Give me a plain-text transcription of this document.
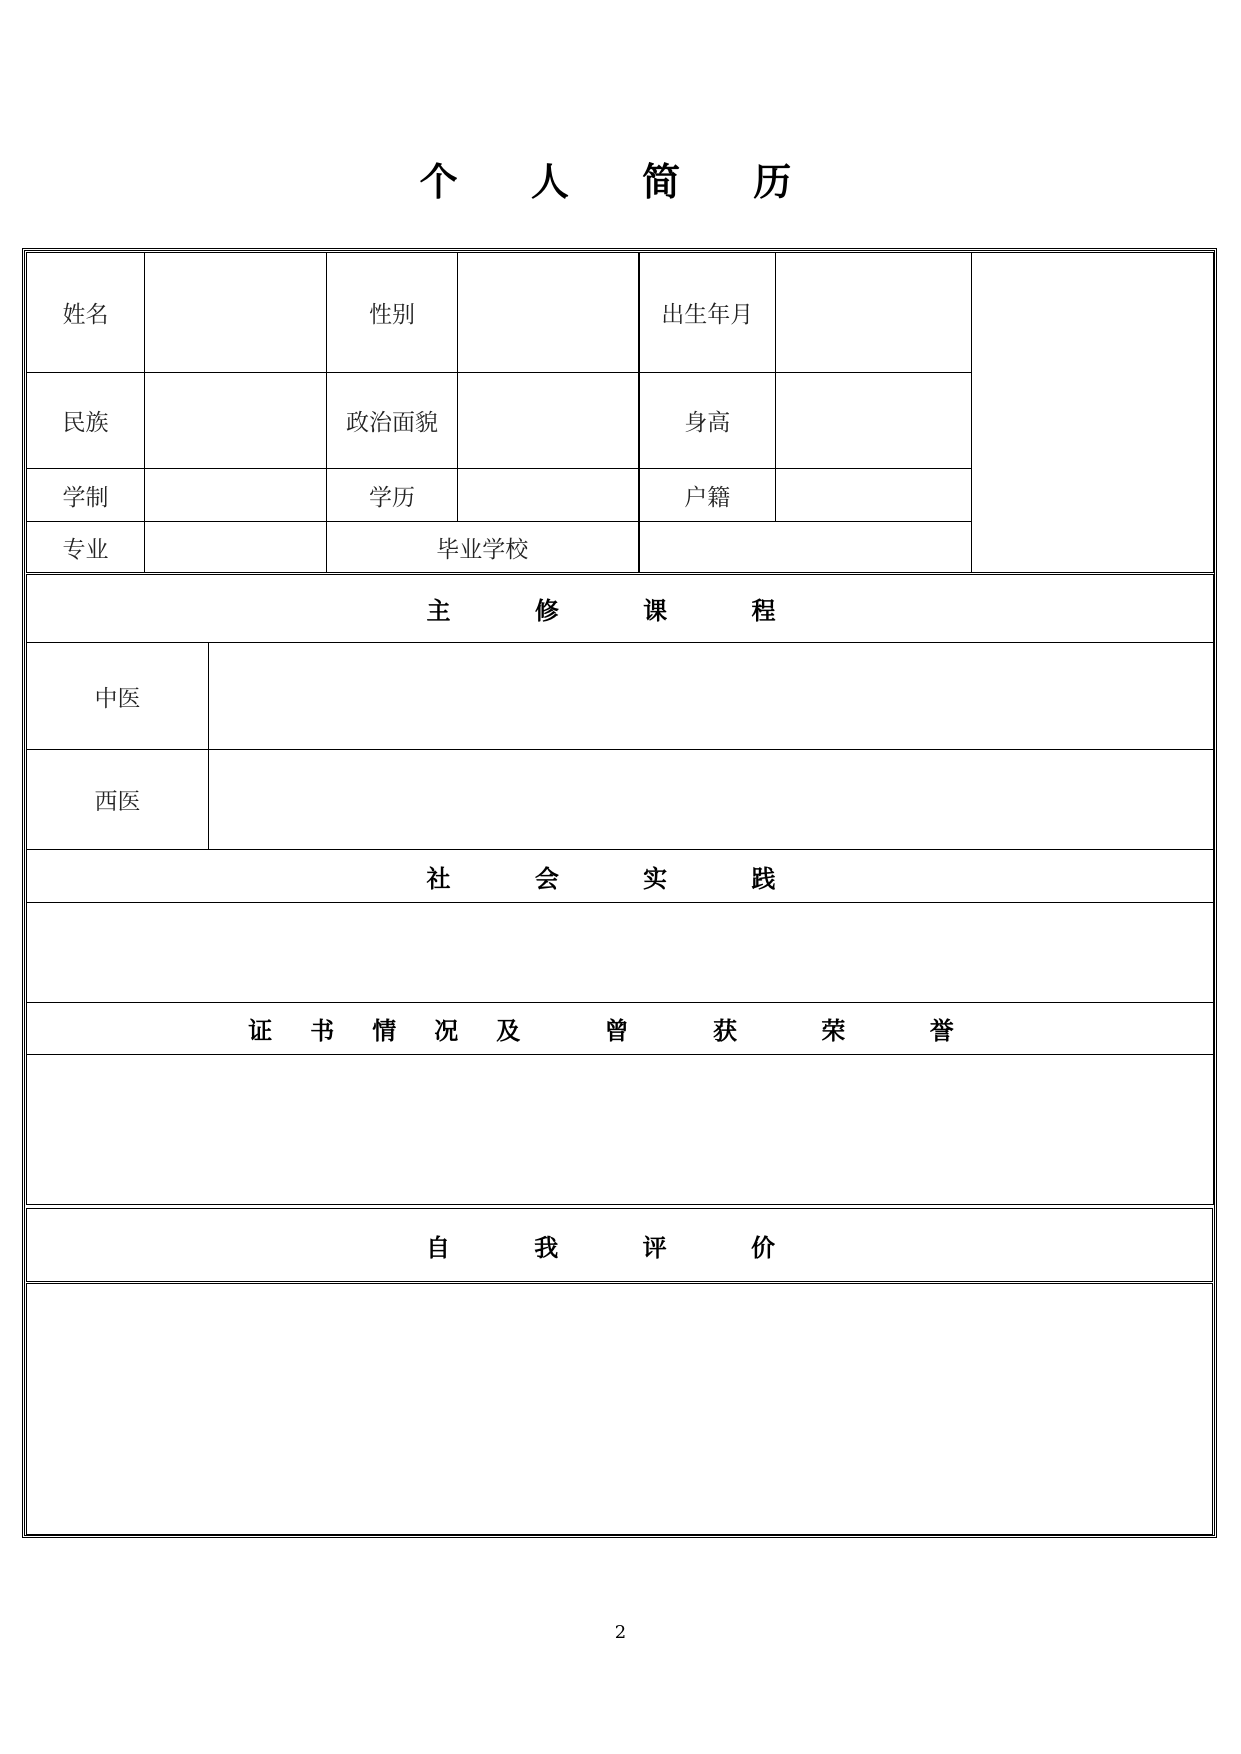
个 人 简 历
姓名		性别		出生年月		
民族		政治面貌		身高		
学制		学历		户籍		
专业		毕业学校				
主 修 课 程	
中医	
西医	
社 会 实 践	

证书情况及 曾 获 荣 誉	

自 我 评 价

2
